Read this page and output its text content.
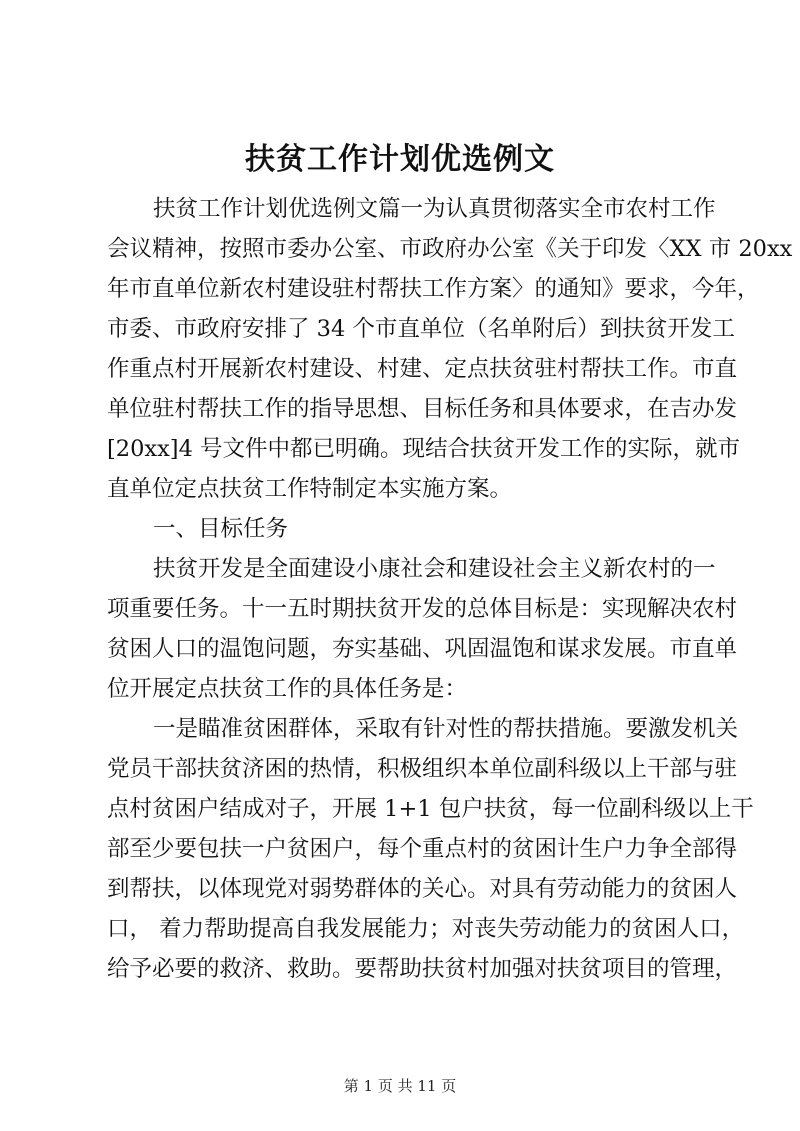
扶贫工作计划优选例文
扶贫工作计划优选例文篇一为认真贯彻落实全市农村工作
会议精神，按照市委办公室、市政府办公室《关于印发〈XX 市 20xx
年市直单位新农村建设驻村帮扶工作方案〉的通知》要求，今年，
市委、市政府安排了 34 个市直单位（名单附后）到扶贫开发工
作重点村开展新农村建设、村建、定点扶贫驻村帮扶工作。市直
单位驻村帮扶工作的指导思想、目标任务和具体要求，在吉办发
[20xx]4 号文件中都已明确。现结合扶贫开发工作的实际，就市
直单位定点扶贫工作特制定本实施方案。
一、目标任务
扶贫开发是全面建设小康社会和建设社会主义新农村的一
项重要任务。十一五时期扶贫开发的总体目标是：实现解决农村
贫困人口的温饱问题，夯实基础、巩固温饱和谋求发展。市直单
位开展定点扶贫工作的具体任务是：
一是瞄准贫困群体，采取有针对性的帮扶措施。要激发机关
党员干部扶贫济困的热情，积极组织本单位副科级以上干部与驻
点村贫困户结成对子，开展 1+1 包户扶贫，每一位副科级以上干
部至少要包扶一户贫困户，每个重点村的贫困计生户力争全部得
到帮扶，以体现党对弱势群体的关心。对具有劳动能力的贫困人
口， 着力帮助提高自我发展能力；对丧失劳动能力的贫困人口，
给予必要的救济、救助。要帮助扶贫村加强对扶贫项目的管理，
第 1 页 共 11 页
